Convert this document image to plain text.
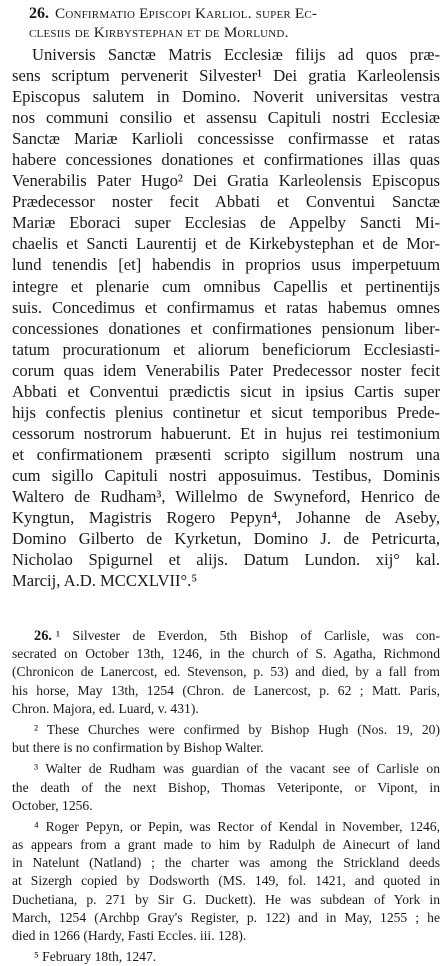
26. Confirmatio Episcopi Karliol. super Ec-
clesiis de Kirbystephan et de Morlund.
Universis Sanctæ Matris Ecclesiæ filijs ad quos præ-
sens scriptum pervenerit Silvester¹ Dei gratia Karleolensis
Episcopus salutem in Domino. Noverit universitas vestra
nos communi consilio et assensu Capituli nostri Ecclesiæ
Sanctæ Mariæ Karlioli concessisse confirmasse et ratas
habere concessiones donationes et confirmationes illas quas
Venerabilis Pater Hugo² Dei Gratia Karleolensis Episcopus
Prædecessor noster fecit Abbati et Conventui Sanctæ
Mariæ Eboraci super Ecclesias de Appelby Sancti Mi-
chaelis et Sancti Laurentij et de Kirkebystephan et de Mor-
lund tenendis [et] habendis in proprios usus imperpetuum
integre et plenarie cum omnibus Capellis et pertinentijs
suis. Concedimus et confirmamus et ratas habemus omnes
concessiones donationes et confirmationes pensionum liber-
tatum procurationum et aliorum beneficiorum Ecclesiasti-
corum quas idem Venerabilis Pater Predecessor noster fecit
Abbati et Conventui prædictis sicut in ipsius Cartis super
hijs confectis plenius continetur et sicut temporibus Prede-
cessorum nostrorum habuerunt. Et in hujus rei testimonium
et confirmationem præsenti scripto sigillum nostrum una
cum sigillo Capituli nostri apposuimus. Testibus, Dominis
Waltero de Rudham³, Willelmo de Swyneford, Henrico de
Kyngtun, Magistris Rogero Pepyn⁴, Johanne de Aseby,
Domino Gilberto de Kyrketun, Domino J. de Petricurta,
Nicholao Spigurnel et alijs. Datum Lundon. xij° kal.
Marcij, A.D. MCCXLVII°.⁵
26. ¹ Silvester de Everdon, 5th Bishop of Carlisle, was con-
secrated on October 13th, 1246, in the church of S. Agatha, Richmond
(Chronicon de Lanercost, ed. Stevenson, p. 53) and died, by a fall from
his horse, May 13th, 1254 (Chron. de Lanercost, p. 62 ; Matt. Paris,
Chron. Majora, ed. Luard, v. 431).
² These Churches were confirmed by Bishop Hugh (Nos. 19, 20)
but there is no confirmation by Bishop Walter.
³ Walter de Rudham was guardian of the vacant see of Carlisle on
the death of the next Bishop, Thomas Veteriponte, or Vipont, in
October, 1256.
⁴ Roger Pepyn, or Pepin, was Rector of Kendal in November, 1246,
as appears from a grant made to him by Radulph de Ainecurt of land
in Natelunt (Natland) ; the charter was among the Strickland deeds
at Sizergh copied by Dodsworth (MS. 149, fol. 1421, and quoted in
Duchetiana, p. 271 by Sir G. Duckett). He was subdean of York in
March, 1254 (Archbp Gray's Register, p. 122) and in May, 1255 ; he
died in 1266 (Hardy, Fasti Eccles. iii. 128).
⁵ February 18th, 1247.
